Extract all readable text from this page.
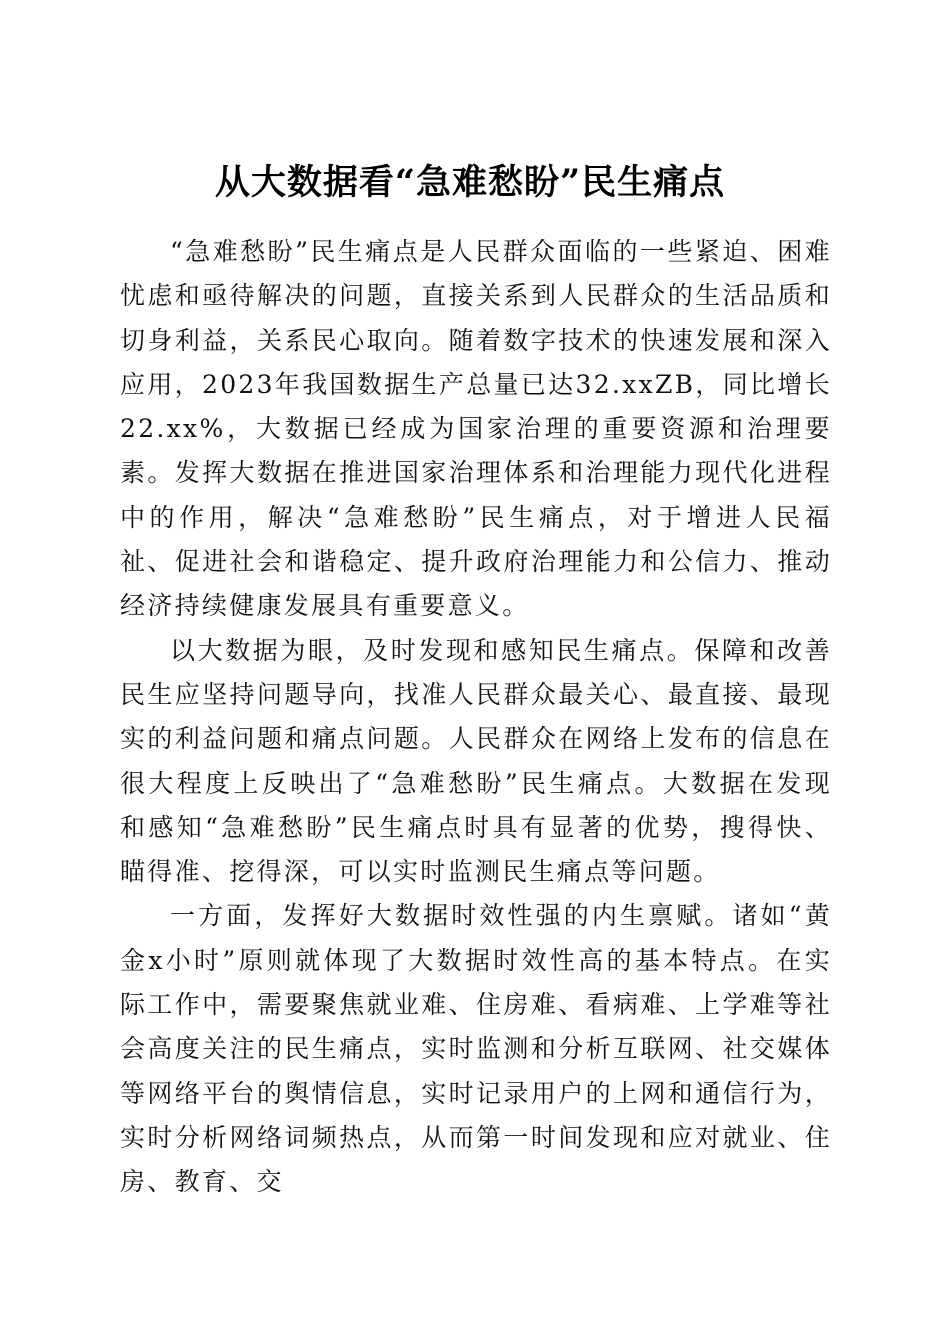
从大数据看“急难愁盼”民生痛点

“急难愁盼”民生痛点是人民群众面临的一些紧迫、困难忧虑和亟待解决的问题，直接关系到人民群众的生活品质和切身利益，关系民心取向。随着数字技术的快速发展和深入应用，2023年我国数据生产总量已达32.xxZB，同比增长22.xx%，大数据已经成为国家治理的重要资源和治理要素。发挥大数据在推进国家治理体系和治理能力现代化进程中的作用，解决“急难愁盼”民生痛点，对于增进人民福祉、促进社会和谐稳定、提升政府治理能力和公信力、推动经济持续健康发展具有重要意义。

以大数据为眼，及时发现和感知民生痛点。保障和改善民生应坚持问题导向，找准人民群众最关心、最直接、最现实的利益问题和痛点问题。人民群众在网络上发布的信息在很大程度上反映出了“急难愁盼”民生痛点。大数据在发现和感知“急难愁盼”民生痛点时具有显著的优势，搜得快、瞄得准、挖得深，可以实时监测民生痛点等问题。

一方面，发挥好大数据时效性强的内生禀赋。诸如“黄金x小时”原则就体现了大数据时效性高的基本特点。在实际工作中，需要聚焦就业难、住房难、看病难、上学难等社会高度关注的民生痛点，实时监测和分析互联网、社交媒体等网络平台的舆情信息，实时记录用户的上网和通信行为，实时分析网络词频热点，从而第一时间发现和应对就业、住房、教育、交
